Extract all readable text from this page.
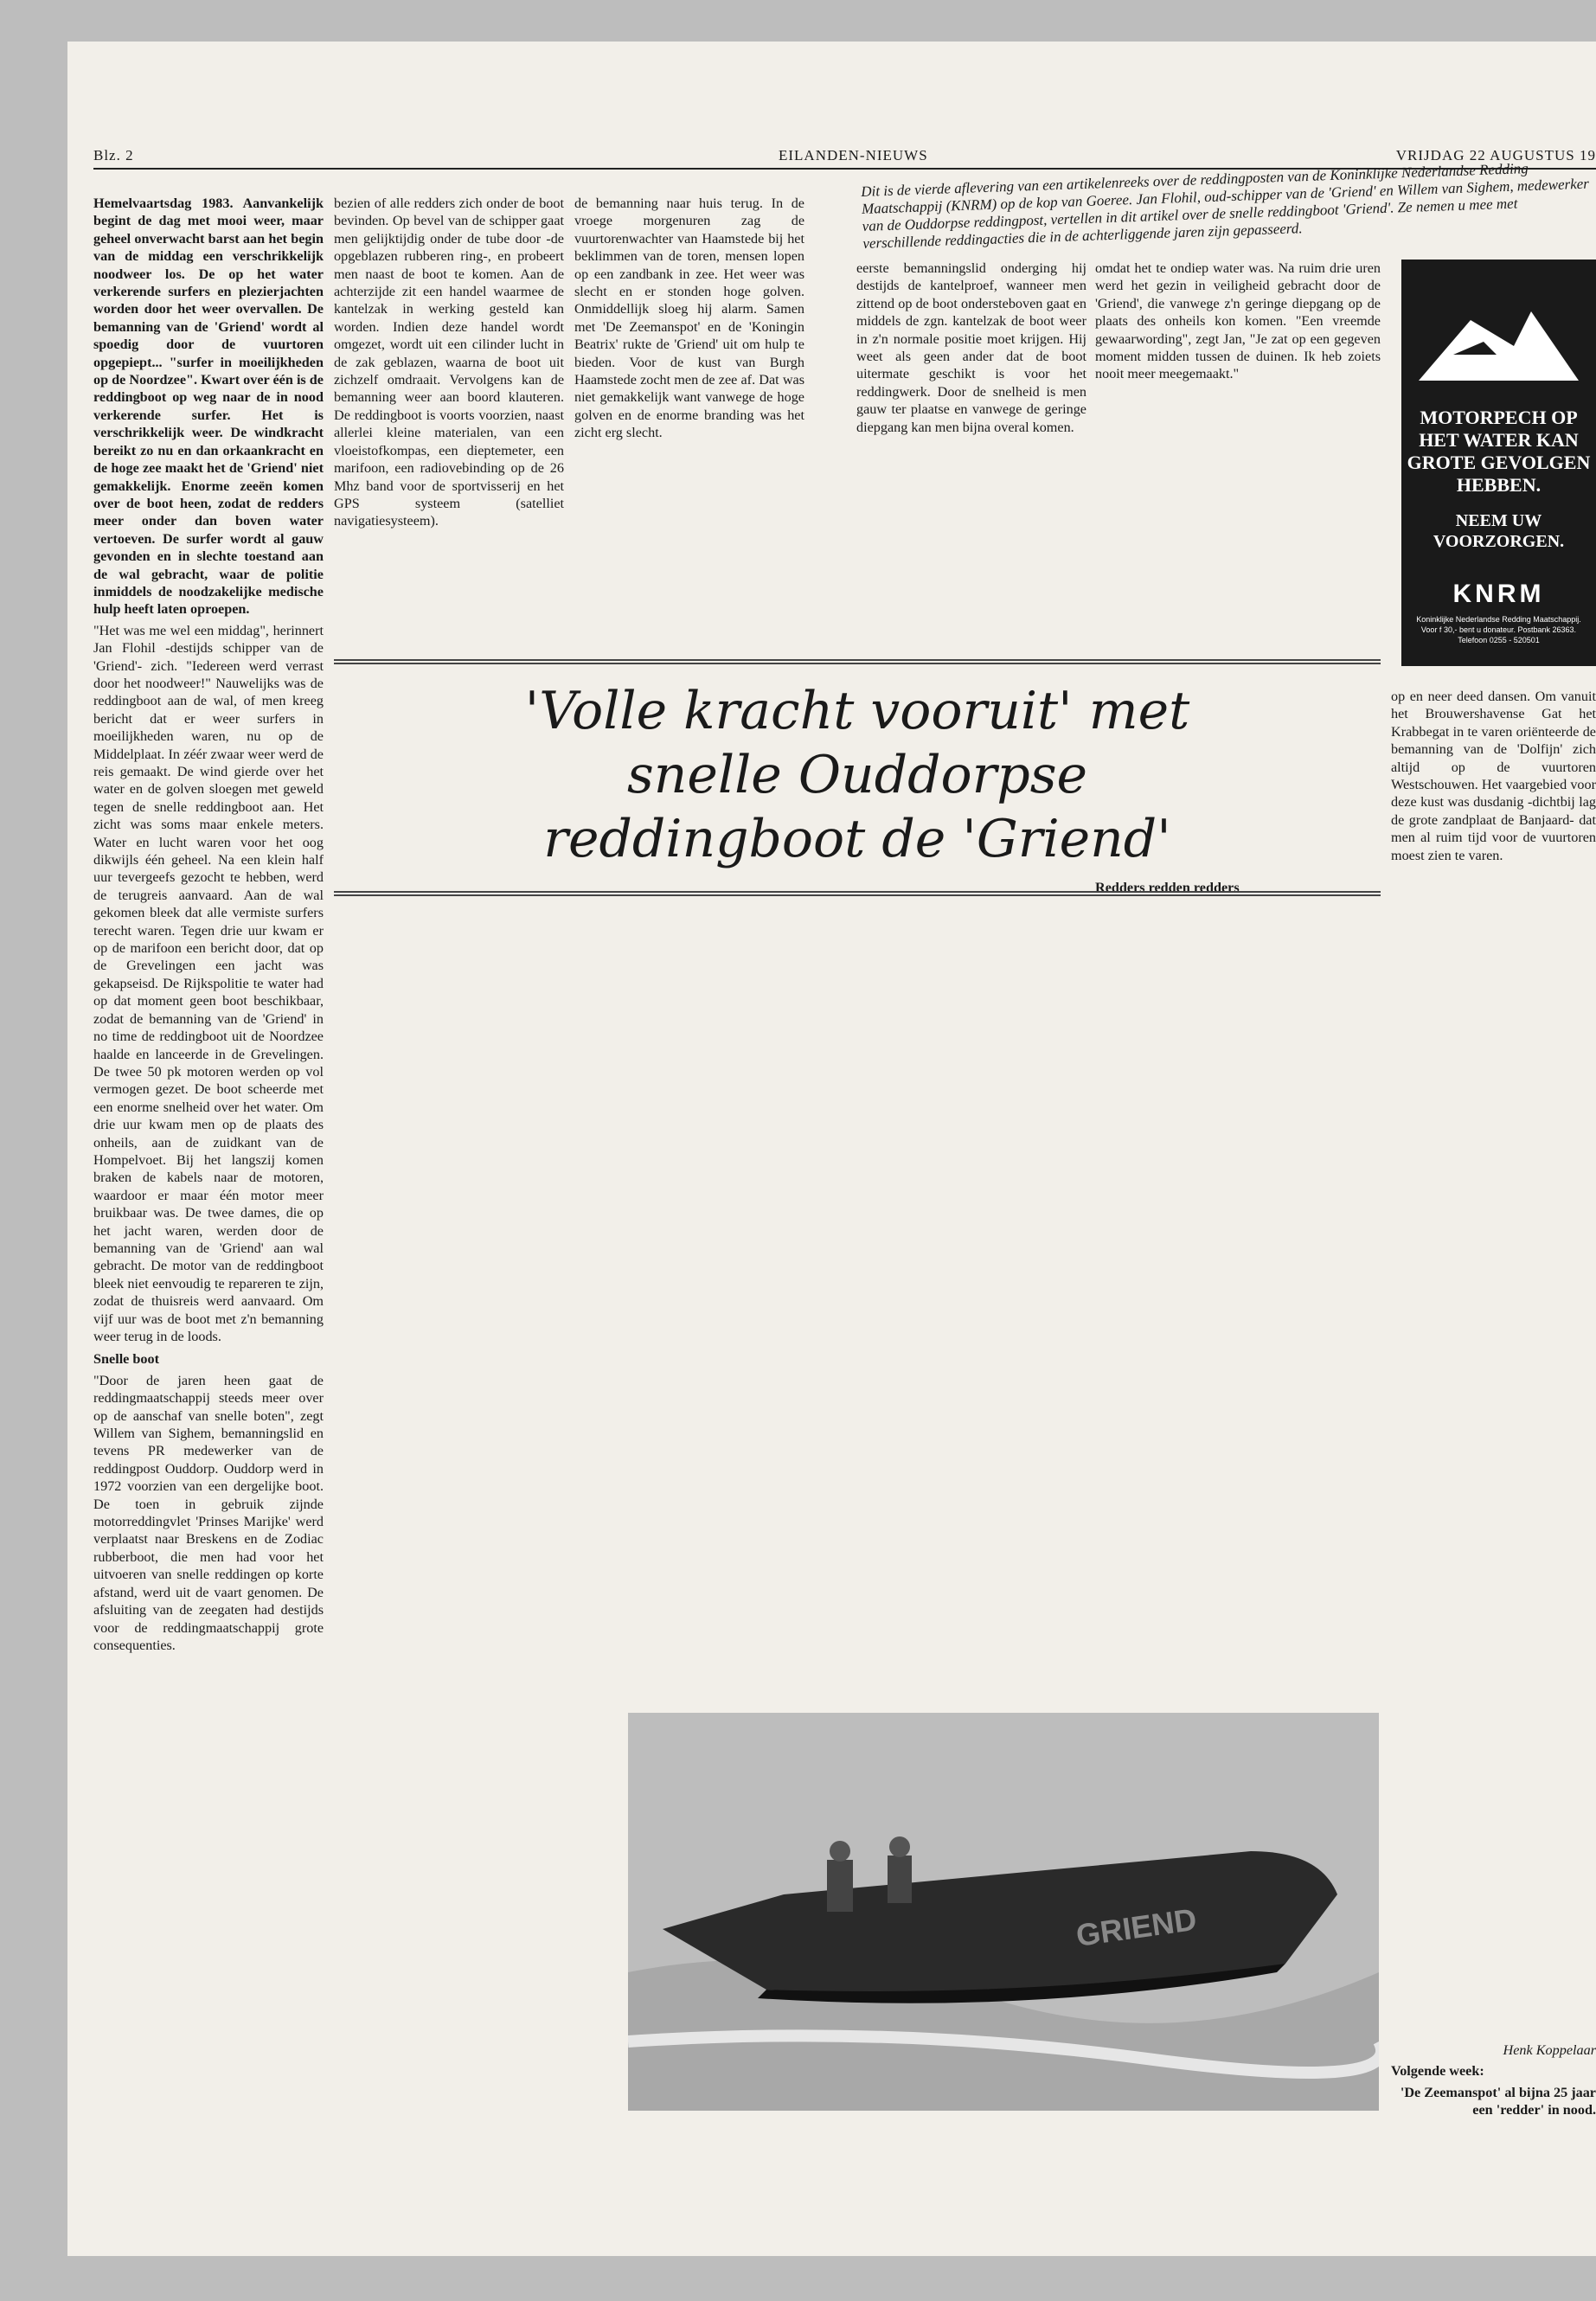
Blz. 2	EILANDEN-NIEUWS	VRIJDAG 22 AUGUSTUS 19
Dit is de vierde aflevering van een artikelenreeks over de reddingposten van de Koninklijke Nederlandse Redding Maatschappij (KNRM) op de kop van Goeree. Jan Flohil, oud-schipper van de 'Griend' en Willem van Sighem, medewerker van de Ouddorpse reddingpost, vertellen in dit artikel over de snelle reddingboot 'Griend'. Ze nemen u mee met verschillende reddingacties die in de achterliggende jaren zijn gepasseerd.
MOTORPECH OP HET WATER KAN GROTE GEVOLGEN HEBBEN.
NEEM UW VOORZORGEN.
KNRM
Koninklijke Nederlandse Redding Maatschappij. Voor f 30,- bent u donateur. Postbank 26363. Telefoon 0255 - 520501

Hemelvaartsdag 1983. Aanvankelijk begint de dag met mooi weer, maar geheel onverwacht barst aan het begin van de middag een verschrikkelijk noodweer los. De op het water verkerende surfers en plezierjachten worden door het weer overvallen. De bemanning van de 'Griend' wordt al spoedig door de vuurtoren opgepiept... "surfer in moeilijkheden op de Noordzee". Kwart over één is de reddingboot op weg naar de in nood verkerende surfer. Het is verschrikkelijk weer. De windkracht bereikt zo nu en dan orkaankracht en de hoge zee maakt het de 'Griend' niet gemakkelijk. Enorme zeeën komen over de boot heen, zodat de redders meer onder dan boven water vertoeven. De surfer wordt al gauw gevonden en in slechte toestand aan de wal gebracht, waar de politie inmiddels de noodzakelijke medische hulp heeft laten oproepen.

"Het was me wel een middag", herinnert Jan Flohil -destijds schipper van de 'Griend'- zich. "Iedereen werd verrast door het noodweer!" Nauwelijks was de reddingboot aan de wal, of men kreeg bericht dat er weer surfers in moeilijkheden waren, nu op de Middelplaat. In zéér zwaar weer werd de reis gemaakt. De wind gierde over het water en de golven sloegen met geweld tegen de snelle reddingboot aan. Het zicht was soms maar enkele meters. Water en lucht waren voor het oog dikwijls één geheel. Na een klein half uur tevergeefs gezocht te hebben, werd de terugreis aanvaard. Aan de wal gekomen bleek dat alle vermiste surfers terecht waren. Tegen drie uur kwam er op de marifoon een bericht door, dat op de Grevelingen een jacht was gekapseisd. De Rijkspolitie te water had op dat moment geen boot beschikbaar, zodat de bemanning van de 'Griend' in no time de reddingboot uit de Noordzee haalde en lanceerde in de Grevelingen. De twee 50 pk motoren werden op vol vermogen gezet. De boot scheerde met een enorme snelheid over het water. Om drie uur kwam men op de plaats des onheils, aan de zuidkant van de Hompelvoet. Bij het langszij komen braken de kabels naar de motoren, waardoor er maar één motor meer bruikbaar was. De twee dames, die op het jacht waren, werden door de bemanning van de 'Griend' aan wal gebracht. De motor van de reddingboot bleek niet eenvoudig te repareren te zijn, zodat de thuisreis werd aanvaard. Om vijf uur was de boot met z'n bemanning weer terug in de loods.

Snelle boot

"Door de jaren heen gaat de reddingmaatschappij steeds meer over op de aanschaf van snelle boten", zegt Willem van Sighem, bemanningslid en tevens PR medewerker van de reddingpost Ouddorp. Ouddorp werd in 1972 voorzien van een dergelijke boot. De toen in gebruik zijnde motorreddingvlet 'Prinses Marijke' werd verplaatst naar Breskens en de Zodiac rubberboot, die men had voor het uitvoeren van snelle reddingen op korte afstand, werd uit de vaart genomen. De afsluiting van de zeegaten had destijds voor de reddingmaatschappij grote consequenties.

bezien of alle redders zich onder de boot bevinden. Op bevel van de schipper gaat men gelijktijdig onder de tube door -de opgeblazen rubberen ring-, en probeert men naast de boot te komen. Aan de achterzijde zit een handel waarmee de kantelzak in werking gesteld kan worden. Indien deze handel wordt omgezet, wordt uit een cilinder lucht in de zak geblazen, waarna de boot uit zichzelf omdraait. Vervolgens kan de bemanning weer aan boord klauteren. De reddingboot is voorts voorzien, naast allerlei kleine materialen, van een vloeistofkompas, een dieptemeter, een marifoon, een radiovebinding op de 26 Mhz band voor de sportvisserij en het GPS systeem (satelliet navigatiesysteem).

de bemanning naar huis terug. In de vroege morgenuren zag de vuurtorenwachter van Haamstede bij het beklimmen van de toren, mensen lopen op een zandbank in zee. Het weer was slecht en er stonden hoge golven. Onmiddellijk sloeg hij alarm. Samen met 'De Zeemanspot' en de 'Koningin Beatrix' rukte de 'Griend' uit om hulp te bieden. Voor de kust van Burgh Haamstede zocht men de zee af. Dat was niet gemakkelijk want vanwege de hoge golven en de enorme branding was het zicht erg slecht.

eerste bemanningslid onderging hij destijds de kantelproef, wanneer men zittend op de boot ondersteboven gaat en middels de zgn. kantelzak de boot weer in z'n normale positie moet krijgen. Hij weet als geen ander dat de boot uitermate geschikt is voor het reddingwerk. Door de snelheid is men gauw ter plaatse en vanwege de geringe diepgang kan men bijna overal komen.

omdat het te ondiep water was. Na ruim drie uren werd het gezin in veiligheid gebracht door de 'Griend', die vanwege z'n geringe diepgang op de plaats des onheils kon komen. "Een vreemde gewaarwording", zegt Jan, "Je zat op een gegeven moment midden tussen de duinen. Ik heb zoiets nooit meer meegemaakt."

Redders redden redders

op en neer deed dansen. Om vanuit het Brouwershavense Gat het Krabbegat in te varen oriënteerde de bemanning van de 'Dolfijn' zich altijd op de vuurtoren Westschouwen. Het vaargebied voor deze kust was dusdanig -dichtbij lag de grote zandplaat de Banjaard- dat men al ruim tijd voor de vuurtoren moest zien te varen.

Henk Koppelaar

Volgende week:

'De Zeemanspot' al bijna 25 jaar een 'redder' in nood.

'Volle kracht vooruit' met
snelle Ouddorpse
reddingboot de 'Griend'
GRIEND
